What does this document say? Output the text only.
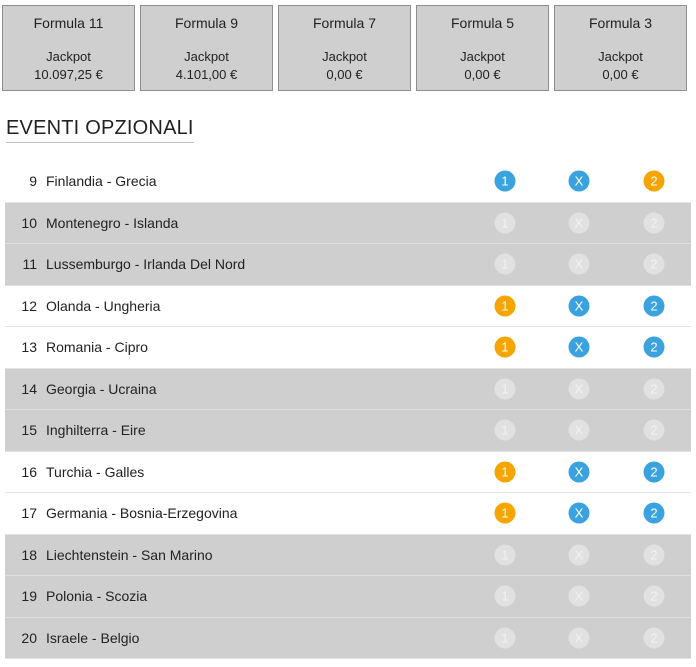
Formula 11
Jackpot
10.097,25 €
Formula 9
Jackpot
4.101,00 €
Formula 7
Jackpot
0,00 €
Formula 5
Jackpot
0,00 €
Formula 3
Jackpot
0,00 €
EVENTI OPZIONALI
9 Finlandia - Grecia	1	X	2
10 Montenegro - Islanda	1	X	2
11 Lussemburgo - Irlanda Del Nord	1	X	2
12 Olanda - Ungheria	1	X	2
13 Romania - Cipro	1	X	2
14 Georgia - Ucraina	1	X	2
15 Inghilterra - Eire	1	X	2
16 Turchia - Galles	1	X	2
17 Germania - Bosnia-Erzegovina	1	X	2
18 Liechtenstein - San Marino	1	X	2
19 Polonia - Scozia	1	X	2
20 Israele - Belgio	1	X	2
